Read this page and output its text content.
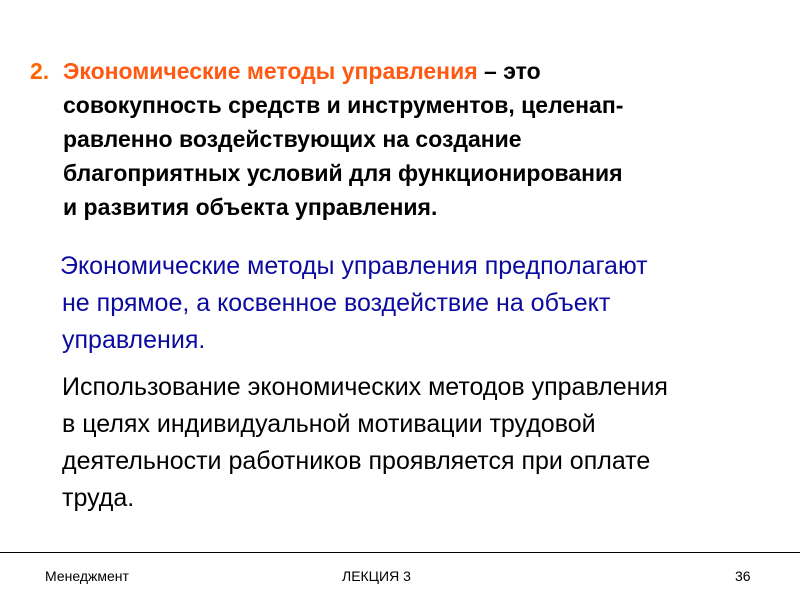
2. Экономические методы управления – это
совокупность средств и инструментов, целенап-
равленно воздействующих на создание
благоприятных условий для функционирования
и развития объекта управления.
Экономические методы управления предполагают
не прямое, а косвенное воздействие на объект
управления.
Использование экономических методов управления
в целях индивидуальной мотивации трудовой
деятельности работников проявляется при оплате
труда.
Менеджмент	ЛЕКЦИЯ 3	36
